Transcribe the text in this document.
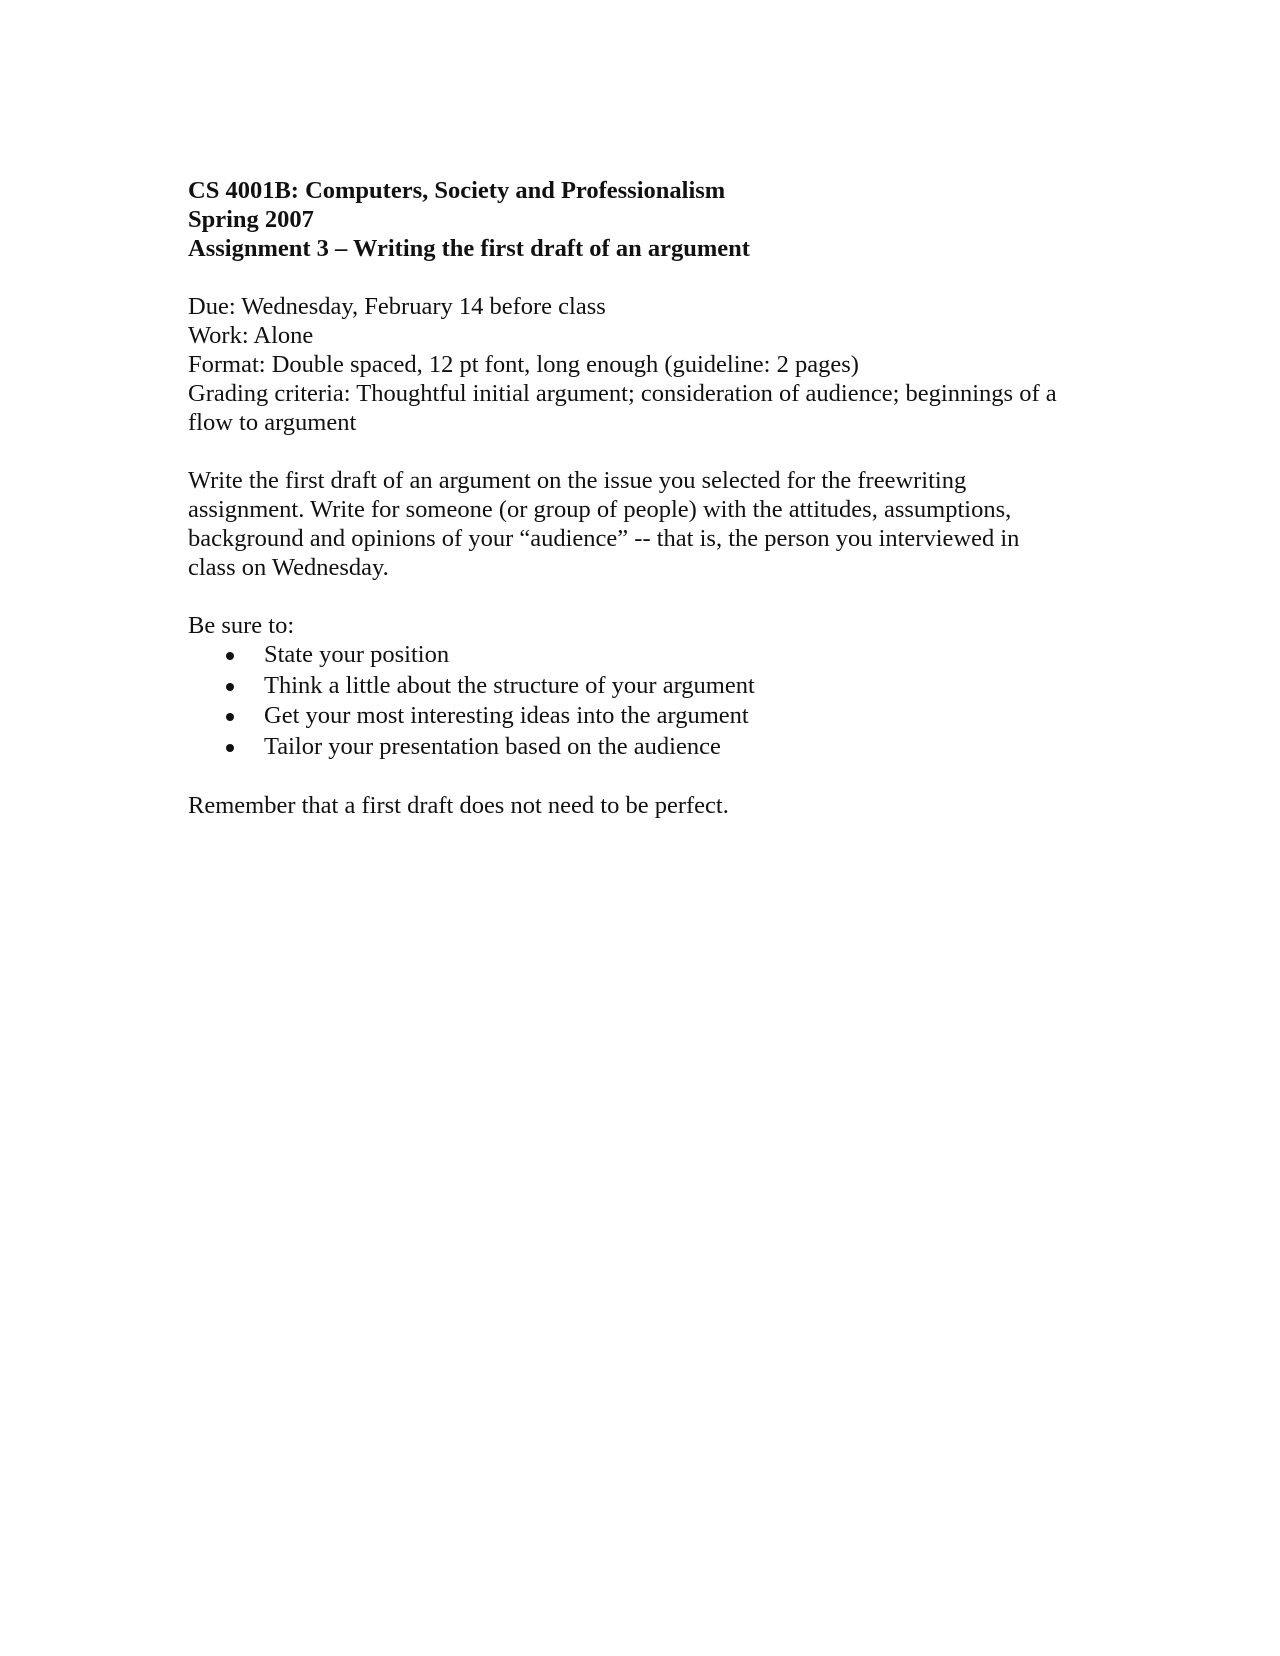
CS 4001B: Computers, Society and Professionalism
Spring 2007
Assignment 3 – Writing the first draft of an argument
Due: Wednesday, February 14 before class
Work: Alone
Format: Double spaced, 12 pt font, long enough (guideline: 2 pages)
Grading criteria: Thoughtful initial argument; consideration of audience; beginnings of a
flow to argument
Write the first draft of an argument on the issue you selected for the freewriting
assignment. Write for someone (or group of people) with the attitudes, assumptions,
background and opinions of your “audience” -- that is, the person you interviewed in
class on Wednesday.
Be sure to:
State your position
Think a little about the structure of your argument
Get your most interesting ideas into the argument
Tailor your presentation based on the audience
Remember that a first draft does not need to be perfect.
